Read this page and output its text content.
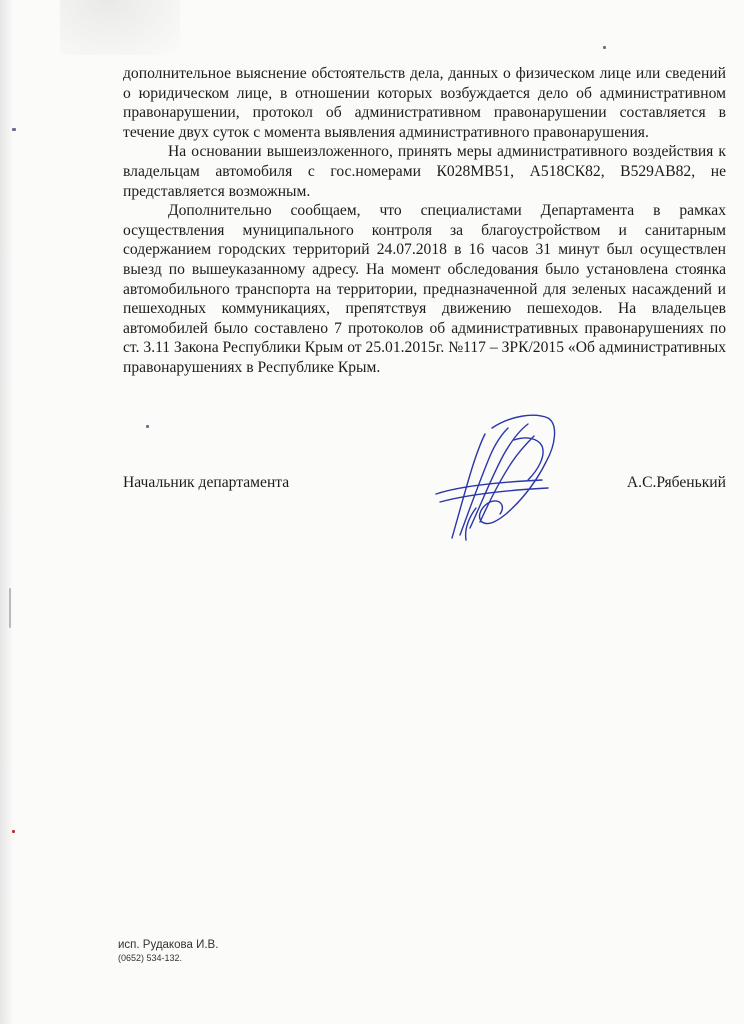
дополнительное выяснение обстоятельств дела, данных о физическом лице или сведений о юридическом лице, в отношении которых возбуждается дело об административном правонарушении, протокол об административном правонарушении составляется в течение двух суток с момента выявления административного правонарушения.

На основании вышеизложенного, принять меры административного воздействия к владельцам автомобиля с гос.номерами К028МВ51, А518СК82, В529АВ82, не представляется возможным.

Дополнительно сообщаем, что специалистами Департамента в рамках осуществления муниципального контроля за благоустройством и санитарным содержанием городских территорий 24.07.2018 в 16 часов 31 минут был осуществлен выезд по вышеуказанному адресу. На момент обследования было установлена стоянка автомобильного транспорта на территории, предназначенной для зеленых насаждений и пешеходных коммуникациях, препятствуя движению пешеходов. На владельцев автомобилей было составлено 7 протоколов об административных правонарушениях по ст. 3.11 Закона Республики Крым от 25.01.2015г. №117 – ЗРК/2015 «Об административных правонарушениях в Республике Крым.

Начальник департамента	А.С.Рябенький
исп. Рудакова И.В.
(0652) 534-132.
